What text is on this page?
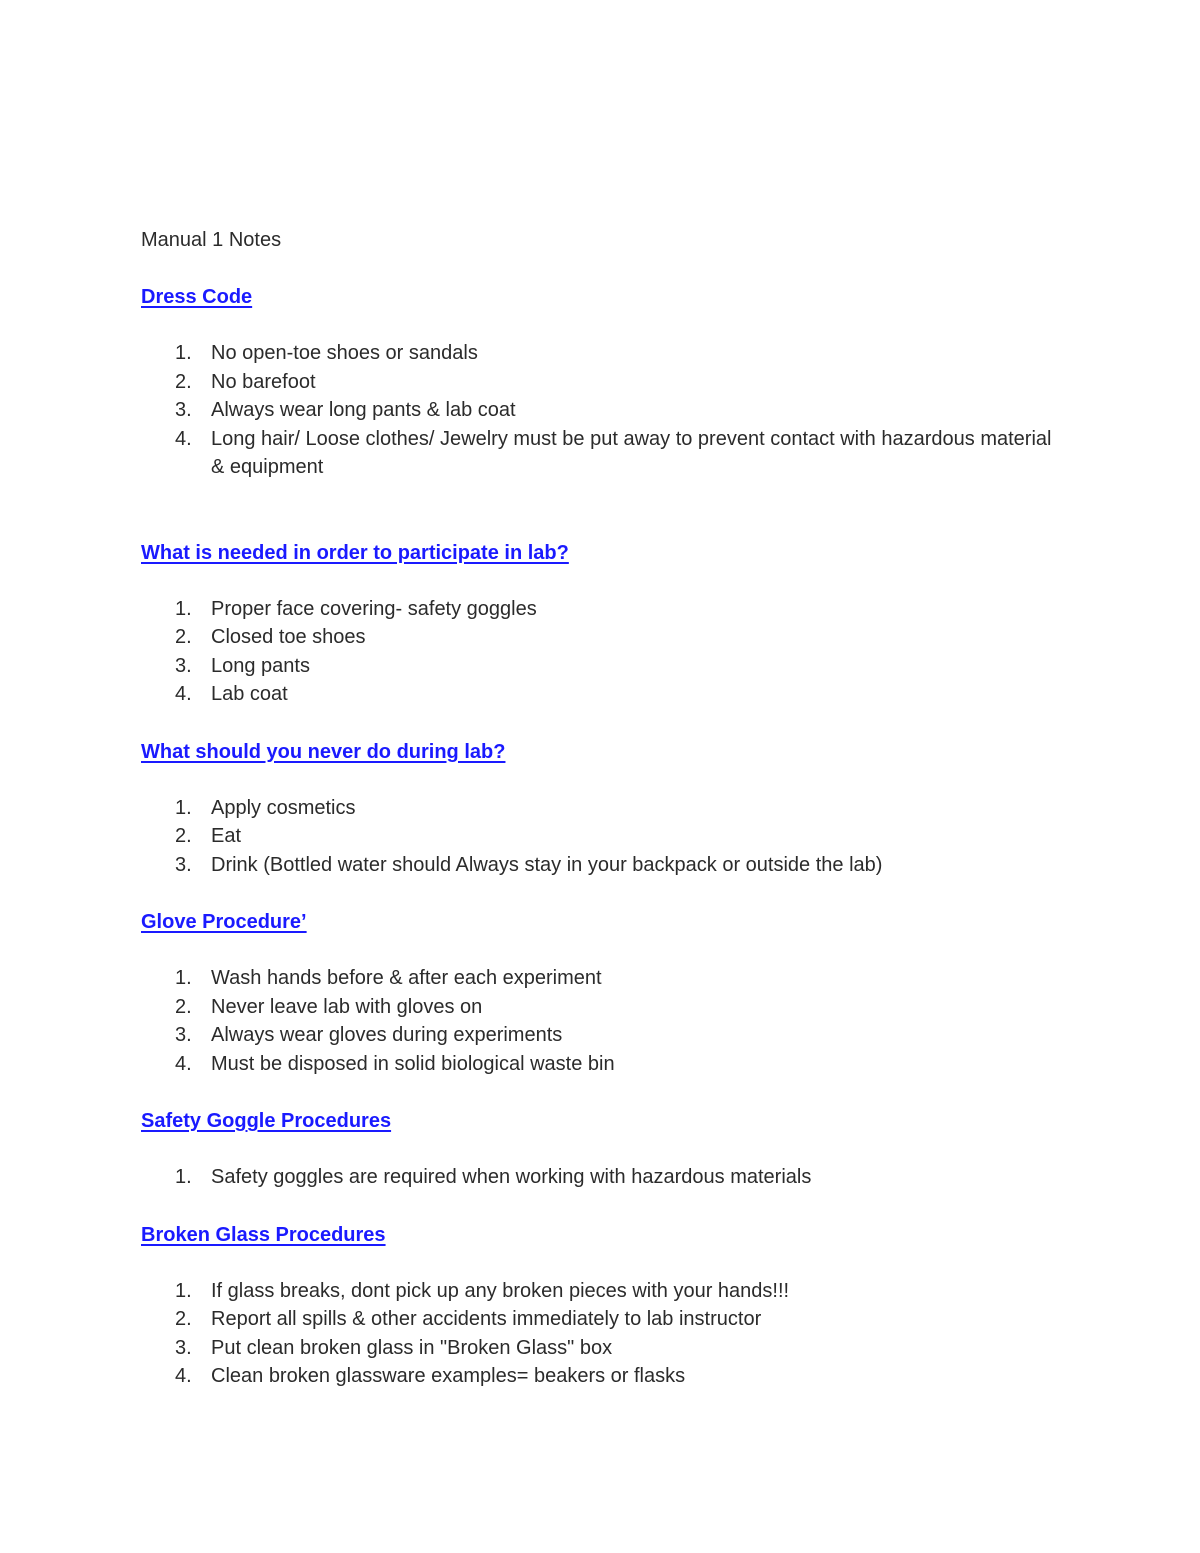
Manual 1 Notes
Dress Code
1. No open-toe shoes or sandals
2. No barefoot
3. Always wear long pants & lab coat
4. Long hair/ Loose clothes/ Jewelry must be put away to prevent contact with hazardous material & equipment
What is needed in order to participate in lab?
1. Proper face covering- safety goggles
2. Closed toe shoes
3. Long pants
4. Lab coat
What should you never do during lab?
1. Apply cosmetics
2. Eat
3. Drink (Bottled water should Always stay in your backpack or outside the lab)
Glove Procedure’
1. Wash hands before & after each experiment
2. Never leave lab with gloves on
3. Always wear gloves during experiments
4. Must be disposed in solid biological waste bin
Safety Goggle Procedures
1. Safety goggles are required when working with hazardous materials
Broken Glass Procedures
1. If glass breaks, dont pick up any broken pieces with your hands!!!
2. Report all spills & other accidents immediately to lab instructor
3. Put clean broken glass in "Broken Glass" box
4. Clean broken glassware examples= beakers or flasks
